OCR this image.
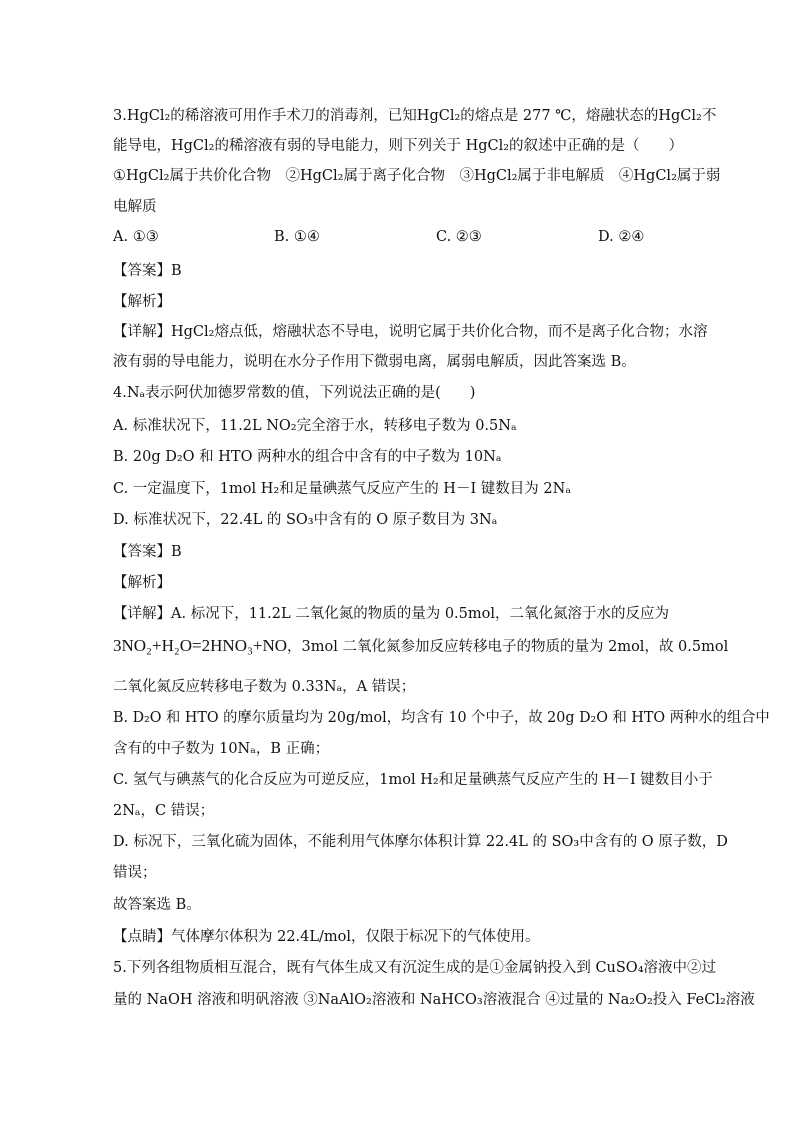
3.HgCl₂的稀溶液可用作手术刀的消毒剂，已知HgCl₂的熔点是 277 ℃，熔融状态的HgCl₂不
能导电，HgCl₂的稀溶液有弱的导电能力，则下列关于 HgCl₂的叙述中正确的是（　　）
①HgCl₂属于共价化合物　②HgCl₂属于离子化合物　③HgCl₂属于非电解质　④HgCl₂属于弱
电解质
A. ①③	B. ①④	C. ②③	D. ②④
【答案】B
【解析】
【详解】HgCl₂熔点低，熔融状态不导电，说明它属于共价化合物，而不是离子化合物；水溶
液有弱的导电能力，说明在水分子作用下微弱电离，属弱电解质，因此答案选 B。
4.Nₐ表示阿伏加德罗常数的值，下列说法正确的是(　　)
A. 标准状况下，11.2L NO₂完全溶于水，转移电子数为 0.5Nₐ
B. 20g D₂O 和 HTO 两种水的组合中含有的中子数为 10Nₐ
C. 一定温度下，1mol H₂和足量碘蒸气反应产生的 H－I 键数目为 2Nₐ
D. 标准状况下，22.4L 的 SO₃中含有的 O 原子数目为 3Nₐ
【答案】B
【解析】
【详解】A. 标况下，11.2L 二氧化氮的物质的量为 0.5mol，二氧化氮溶于水的反应为
3NO₂+H₂O=2HNO₃+NO，3mol 二氧化氮参加反应转移电子的物质的量为 2mol，故 0.5mol
二氧化氮反应转移电子数为 0.33Nₐ，A 错误；
B. D₂O 和 HTO 的摩尔质量均为 20g/mol，均含有 10 个中子，故 20g D₂O 和 HTO 两种水的组合中
含有的中子数为 10Nₐ，B 正确；
C. 氢气与碘蒸气的化合反应为可逆反应，1mol H₂和足量碘蒸气反应产生的 H－I 键数目小于
2Nₐ，C 错误；
D. 标况下，三氧化硫为固体，不能利用气体摩尔体积计算 22.4L 的 SO₃中含有的 O 原子数，D
错误；
故答案选 B。
【点睛】气体摩尔体积为 22.4L/mol，仅限于标况下的气体使用。
5.下列各组物质相互混合，既有气体生成又有沉淀生成的是①金属钠投入到 CuSO₄溶液中②过
量的 NaOH 溶液和明矾溶液 ③NaAlO₂溶液和 NaHCO₃溶液混合 ④过量的 Na₂O₂投入 FeCl₂溶液
